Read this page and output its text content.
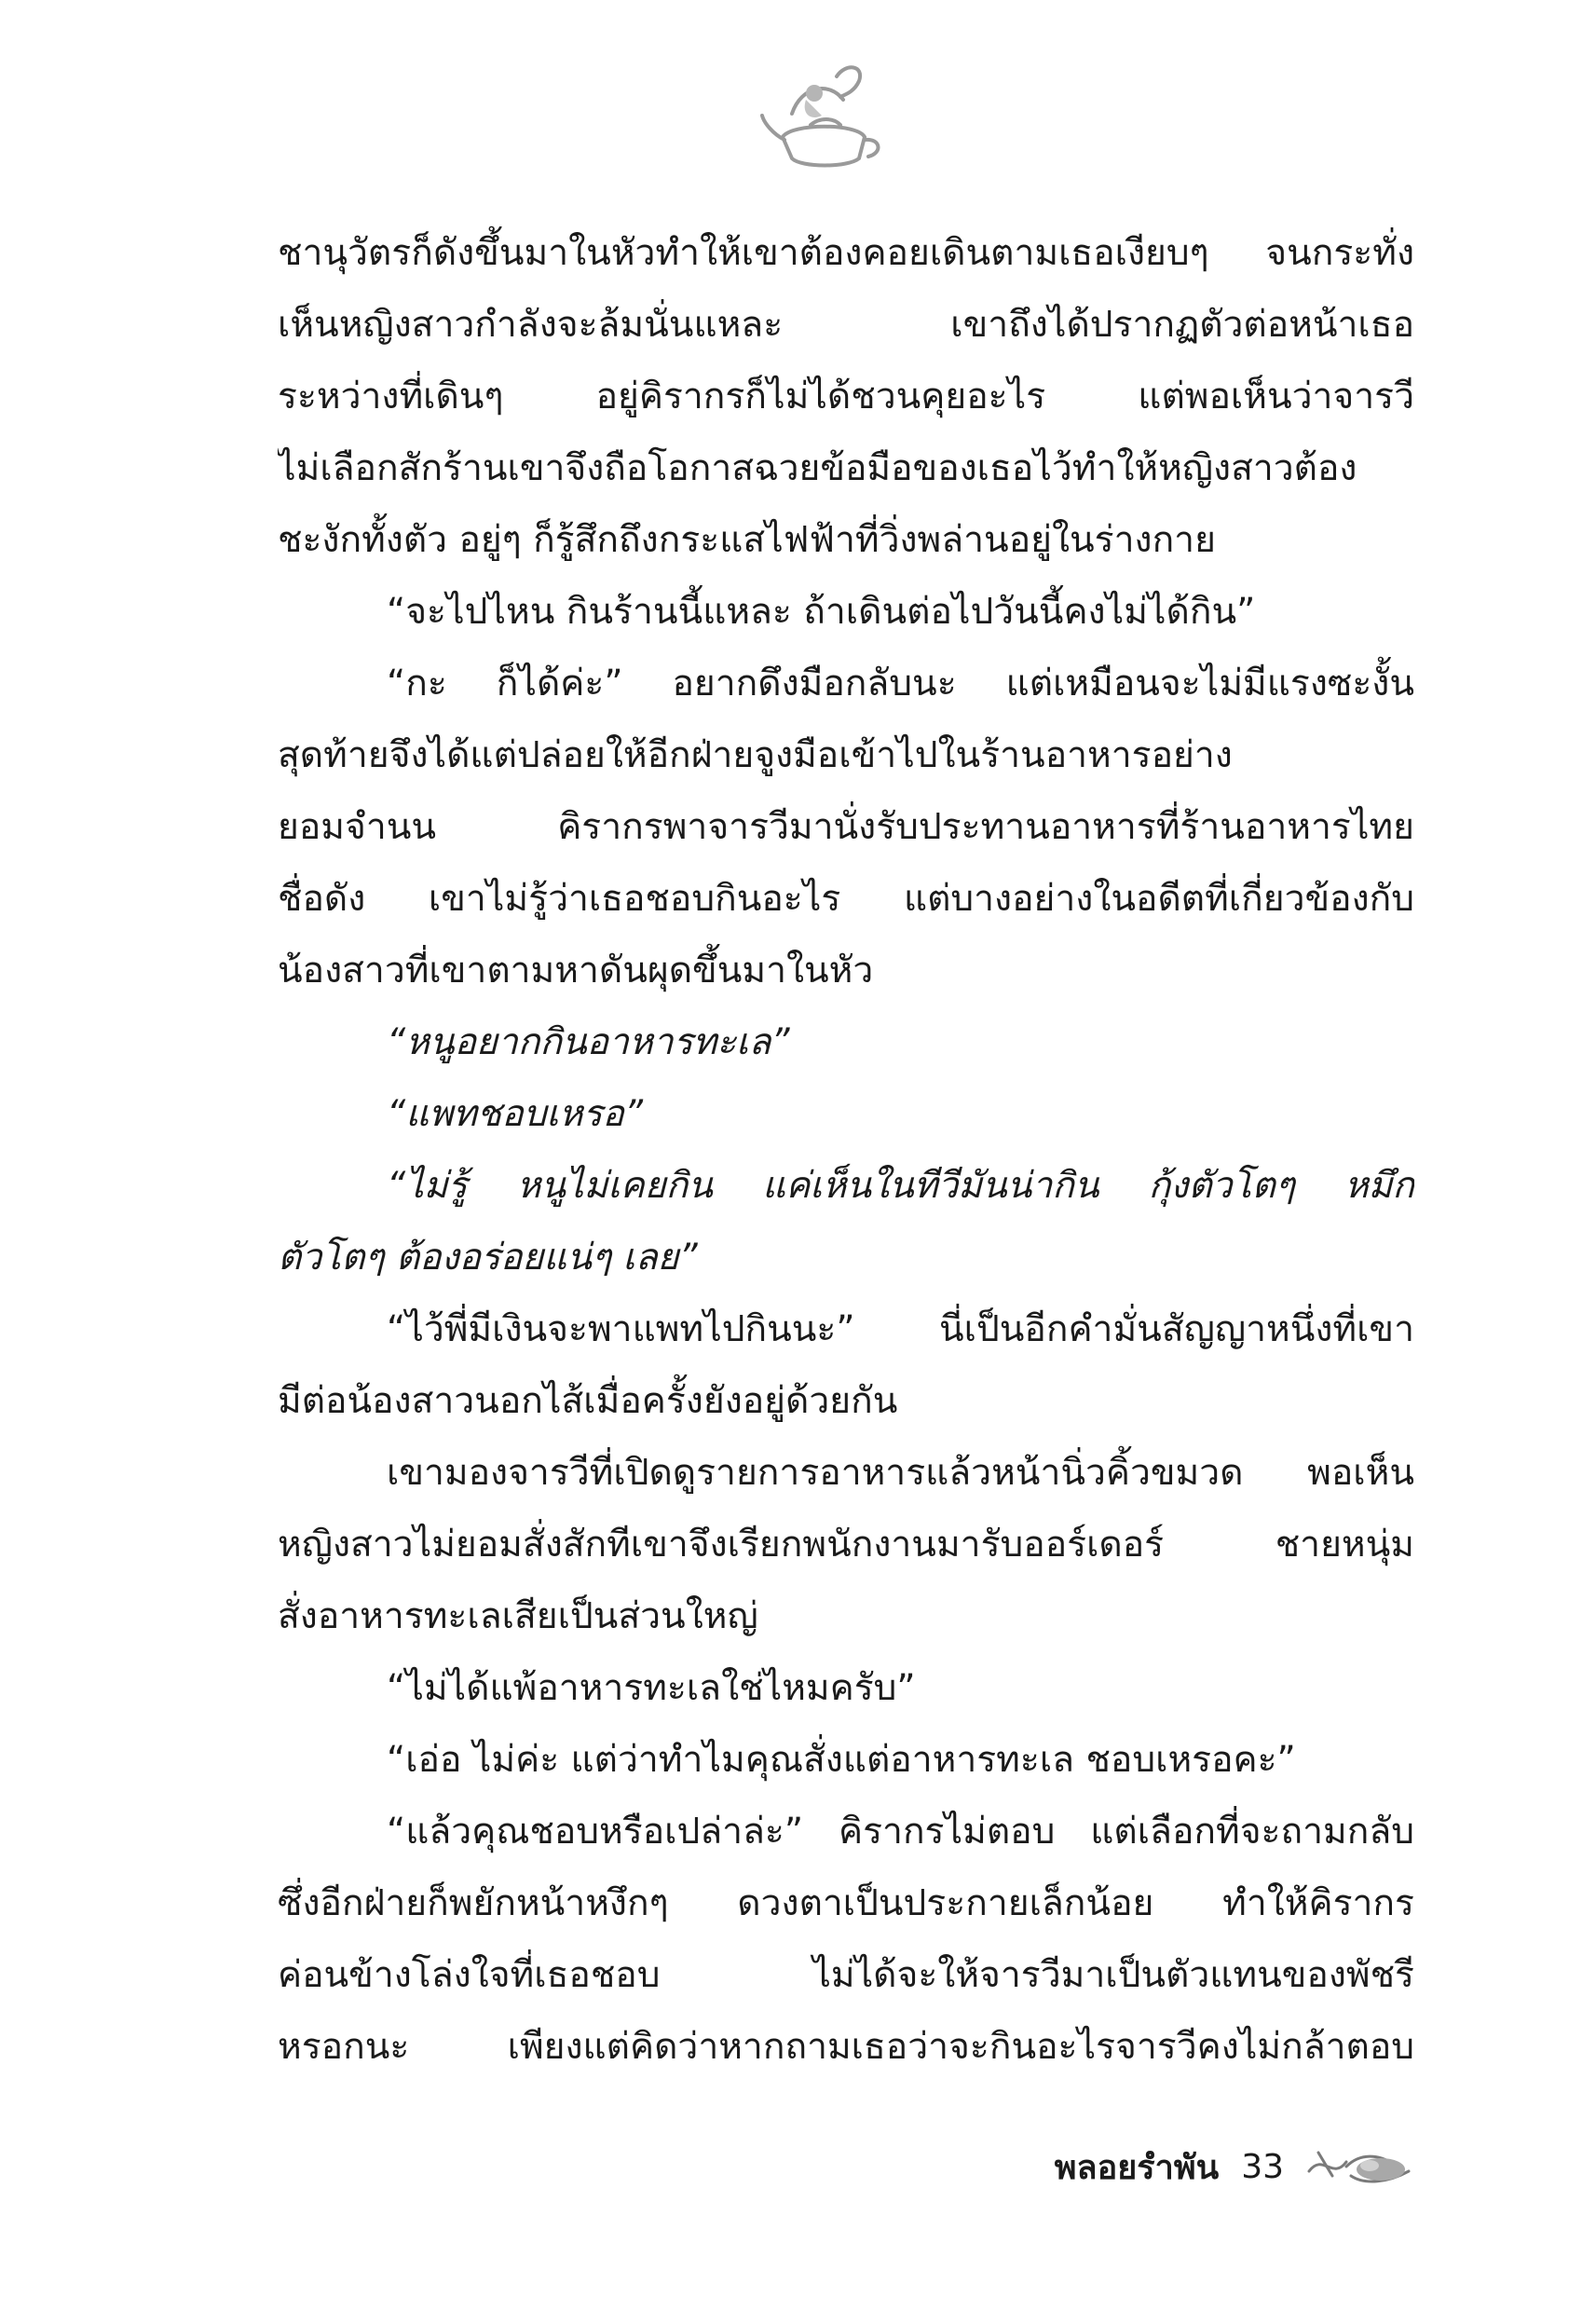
ชานุวัตรก็ดังขึ้นมาในหัวทำให้เขาต้องคอยเดินตามเธอเงียบๆ จนกระทั่ง
เห็นหญิงสาวกำลังจะล้มนั่นแหละ เขาถึงได้ปรากฏตัวต่อหน้าเธอ
ระหว่างที่เดินๆ อยู่คิรากรก็ไม่ได้ชวนคุยอะไร แต่พอเห็นว่าจารวี
ไม่เลือกสักร้านเขาจึงถือโอกาสฉวยข้อมือของเธอไว้ทำให้หญิงสาวต้อง
ชะงักทั้งตัว อยู่ๆ ก็รู้สึกถึงกระแสไฟฟ้าที่วิ่งพล่านอยู่ในร่างกาย
“จะไปไหน กินร้านนี้แหละ ถ้าเดินต่อไปวันนี้คงไม่ได้กิน”
“กะ ก็ได้ค่ะ” อยากดึงมือกลับนะ แต่เหมือนจะไม่มีแรงซะงั้น
สุดท้ายจึงได้แต่ปล่อยให้อีกฝ่ายจูงมือเข้าไปในร้านอาหารอย่าง
ยอมจำนน คิรากรพาจารวีมานั่งรับประทานอาหารที่ร้านอาหารไทย
ชื่อดัง เขาไม่รู้ว่าเธอชอบกินอะไร แต่บางอย่างในอดีตที่เกี่ยวข้องกับ
น้องสาวที่เขาตามหาดันผุดขึ้นมาในหัว
“หนูอยากกินอาหารทะเล”
“แพทชอบเหรอ”
“ไม่รู้ หนูไม่เคยกิน แค่เห็นในทีวีมันน่ากิน กุ้งตัวโตๆ หมึก
ตัวโตๆ ต้องอร่อยแน่ๆ เลย”
“ไว้พี่มีเงินจะพาแพทไปกินนะ” นี่เป็นอีกคำมั่นสัญญาหนึ่งที่เขา
มีต่อน้องสาวนอกไส้เมื่อครั้งยังอยู่ด้วยกัน
เขามองจารวีที่เปิดดูรายการอาหารแล้วหน้านิ่วคิ้วขมวด พอเห็น
หญิงสาวไม่ยอมสั่งสักทีเขาจึงเรียกพนักงานมารับออร์เดอร์ ชายหนุ่ม
สั่งอาหารทะเลเสียเป็นส่วนใหญ่
“ไม่ได้แพ้อาหารทะเลใช่ไหมครับ”
“เอ่อ ไม่ค่ะ แต่ว่าทำไมคุณสั่งแต่อาหารทะเล ชอบเหรอคะ”
“แล้วคุณชอบหรือเปล่าล่ะ” คิรากรไม่ตอบ แต่เลือกที่จะถามกลับ
ซึ่งอีกฝ่ายก็พยักหน้าหงึกๆ ดวงตาเป็นประกายเล็กน้อย ทำให้คิรากร
ค่อนข้างโล่งใจที่เธอชอบ ไม่ได้จะให้จารวีมาเป็นตัวแทนของพัชรี
หรอกนะ เพียงแต่คิดว่าหากถามเธอว่าจะกินอะไรจารวีคงไม่กล้าตอบ
พลอยรำพัน 33
